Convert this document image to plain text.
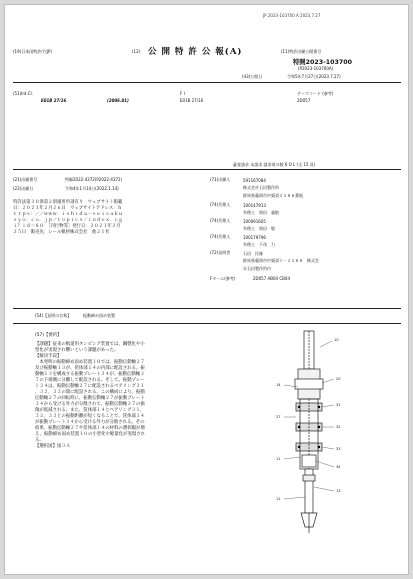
JP 2023-103700 A 2023.7.27
(19)日本国特許庁(JP)	(12) 公 開 特 許 公 報(A)	(11)特許出願公開番号
特開2023-103700
(P2023-103700A)
(43)公開日	令和5年7月27日(2023.7.27)
(51)Int.Cl.
E01B 27/16	(2006.01)
F I
E01B 27/16
テーマコード (参考)
2D057
審査請求 未請求 請求項の数 6 O L (全 15 頁)
(21)出願番号	特願2022-4372(P2022-4372)
(22)出願日	令和4年1月14日(2022.1.14)
特許法第３０条第２項適用申請有り　ウェブサイト掲載
日：２０２１年２月２６日　ウェブサイトアドレス：ｈ
ｔｔｐｓ：／／ｗｗｗ．ｉｓｈｉｄａ－ｓｅｉｓａｋｕ
ｓｙｏ．ｃｏ．ｊｐ／ｔｏｐｉｃｓ／ｉｎｄｅｘ．ｃｇ
ｉ？ｉｄ＝８０　［刊行物等］発行日：２０２１年２月
２５日　販売先：レール軌材株式会社　他２１社
(71)出願人	591167084
株式会社石田製作所
群馬県藤岡市中栗須２５８８番地
(74)代理人	100147913
弁理士　岡田　義敬
(74)代理人	100091605
弁理士　岡田　敬
(74)代理人	100179796
弁理士　下茂　力
(72)発明者	石田　民雄
群馬県藤岡市中栗須１－２５８８　株式会
社石田製作所内
Fターム(参考)	2D057 AB04 CB04
(54)【発明の名称】	振動締め固め装置
(57)【要約】

【課題】従来の軌道用タンピング装置では、鋼製化や小

型化が実現され難いという課題があった。

【解決手段】

　本発明の振動締め固め装置１０では、振動伝動軸２７

及び振動軸１３が、筐体部１４の内部に配設される。振

動軸１３を構成する振動プレート３４が、振動伝動軸２

７の下端側に分離して配設される。そして、振動プレー

ト３４は、振動伝動軸２７に配設されるベアリング３１

，３２，３３の間に配設される。この構成により、振動

伝動軸２７の回転時に、振動伝動軸２７が振動プレート

３４から受ける外力が分散されて、振動伝動軸２７の損

傷が低減される。また、筐体部１４とベアリング３１，

３２，３３との振動距離が短くなることで、筐体部１４

が振動プレート３４から受ける外力が分散される。その

結果、振動伝動軸２７や筐体部１４の材料の選択幅が増

え、振動締め固め装置１０の小型化や軽量化が実現され

る。

【選択図】図３Ａ

10
20
31
32
33
34
13
14
27
11
12
